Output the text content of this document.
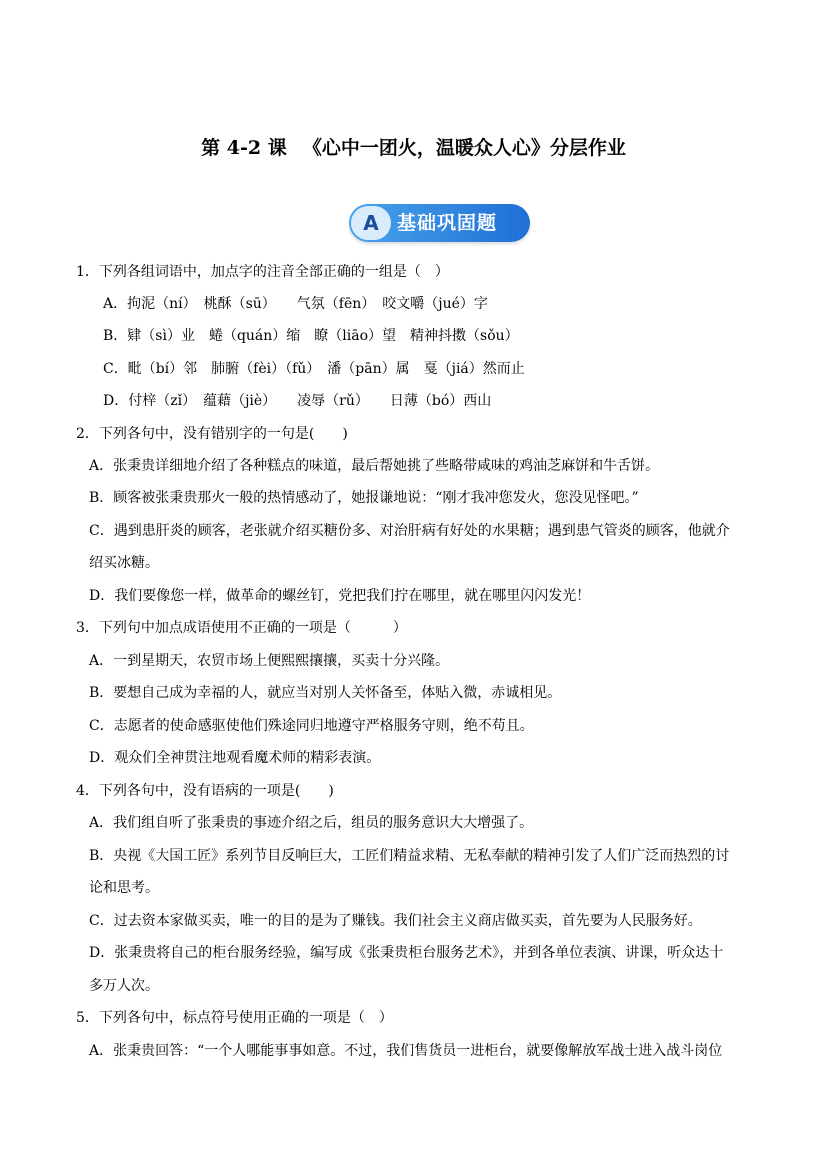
第 4-2 课 　《心中一团火，温暖众人心》分层作业
A 基础巩固题
1．下列各组词语中，加点字的注音全部正确的一组是（　）
A．拘泥（ní）　桃酥（sū）　　气氛（fēn）　咬文嚼（jué）字
B．肄（sì）业　蜷（quán）缩　瞭（liāo）望　精神抖擞（sǒu）
C．毗（bí）邻　肺腑（fèi）（fǔ）　潘（pān）属　戛（jiá）然而止
D．付梓（zǐ）　蕴藉（jiè）　　凌辱（rǔ）　　日薄（bó）西山
2．下列各句中，没有错别字的一句是(　　)
A．张秉贵详细地介绍了各种糕点的味道，最后帮她挑了些略带咸味的鸡油芝麻饼和牛舌饼。
B．顾客被张秉贵那火一般的热情感动了，她报谦地说：“刚才我冲您发火，您没见怪吧。”
C．遇到患肝炎的顾客，老张就介绍买糖份多、对治肝病有好处的水果糖；遇到患气管炎的顾客，他就介
绍买冰糖。
D．我们要像您一样，做革命的螺丝钉，党把我们拧在哪里，就在哪里闪闪发光！
3．下列句中加点成语使用不正确的一项是（　　　）
A．一到星期天，农贸市场上便熙熙攘攘，买卖十分兴隆。
B．要想自己成为幸福的人，就应当对别人关怀备至，体贴入微，赤诚相见。
C．志愿者的使命感驱使他们殊途同归地遵守严格服务守则，绝不苟且。
D．观众们全神贯注地观看魔术师的精彩表演。
4．下列各句中，没有语病的一项是(　　)
A．我们组自听了张秉贵的事迹介绍之后，组员的服务意识大大增强了。
B．央视《大国工匠》系列节目反响巨大，工匠们精益求精、无私奉献的精神引发了人们广泛而热烈的讨
论和思考。
C．过去资本家做买卖，唯一的目的是为了赚钱。我们社会主义商店做买卖，首先要为人民服务好。
D．张秉贵将自己的柜台服务经验，编写成《张秉贵柜台服务艺术》，并到各单位表演、讲课，听众达十
多万人次。
5．下列各句中，标点符号使用正确的一项是（　）
A．张秉贵回答：“一个人哪能事事如意。不过，我们售货员一进柜台，就要像解放军战士进入战斗岗位
